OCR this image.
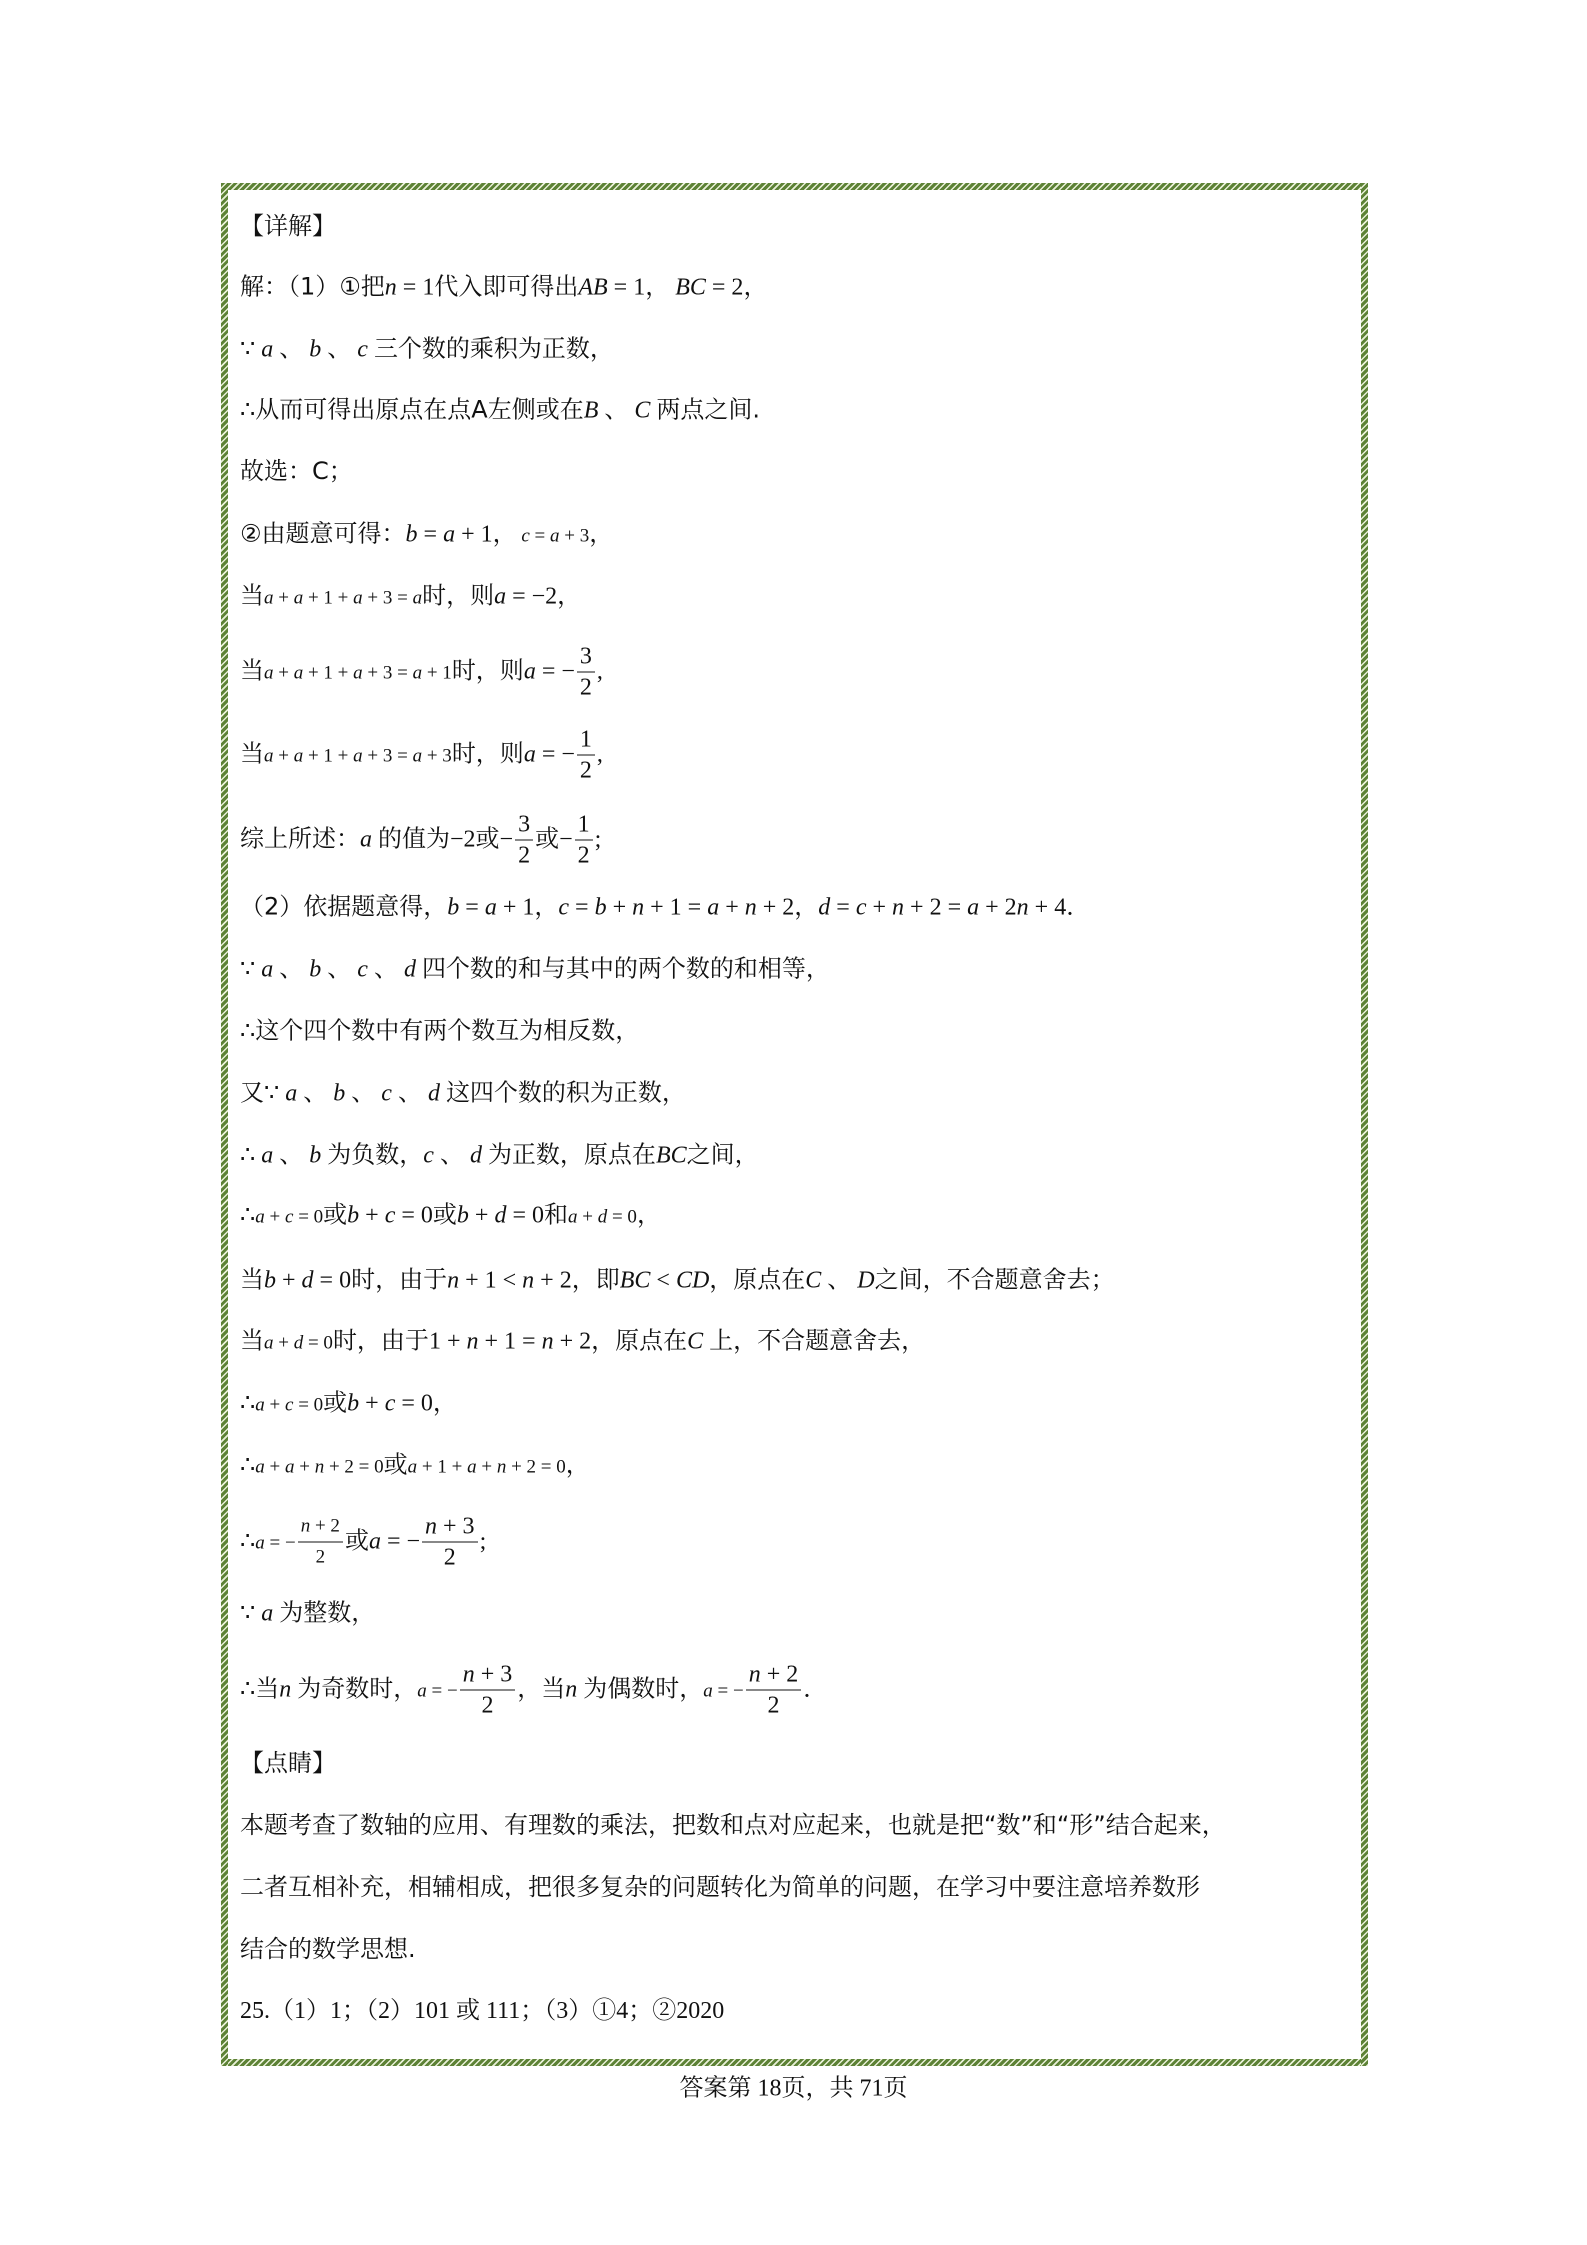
【详解】
解：（1）①把n = 1代入即可得出AB = 1， BC = 2，
∵ a 、 b 、 c 三个数的乘积为正数，
∴从而可得出原点在点A左侧或在B 、 C 两点之间.
故选：C；
②由题意可得：b = a + 1， c = a + 3，
当a + a + 1 + a + 3 = a时，则a = −2，
当a + a + 1 + a + 3 = a + 1时，则a = − $\frac{3}{2}$ ,
当a + a + 1 + a + 3 = a + 3时，则a = − $\frac{1}{2}$ ,
综上所述：a 的值为−2或− $\frac{3}{2}$ 或− $\frac{1}{2}$ ;
（2）依据题意得，b = a + 1，c = b + n + 1 = a + n + 2，d = c + n + 2 = a + 2n + 4．
∵ a 、 b 、 c 、 d 四个数的和与其中的两个数的和相等，
∴这个四个数中有两个数互为相反数，
又∵ a 、 b 、 c 、 d 这四个数的积为正数，
∴ a 、 b 为负数，c 、 d 为正数，原点在BC之间，
∴a + c = 0或b + c = 0或b + d = 0和a + d = 0，
当b + d = 0时，由于n + 1 < n + 2，即BC < CD，原点在C 、 D之间，不合题意舍去；
当a + d = 0时，由于1 + n + 1 = n + 2，原点在C 上，不合题意舍去，
∴a + c = 0或b + c = 0，
∴a + a + n + 2 = 0或a + 1 + a + n + 2 = 0，
∴a = − $\frac{n + 2}{2}$ 或a = − $\frac{n + 3}{2}$ ;
∵ a 为整数，
∴当n 为奇数时，a = − $\frac{n + 3}{2}$ ，当n 为偶数时，a = − $\frac{n + 2}{2}$ ．
【点睛】
本题考查了数轴的应用、有理数的乘法，把数和点对应起来，也就是把“数”和“形”结合起来，
二者互相补充，相辅相成，把很多复杂的问题转化为简单的问题，在学习中要注意培养数形
结合的数学思想.
25.（1）1；（2）101 或 111；（3）①4；②2020
答案第 18页，共 71页
